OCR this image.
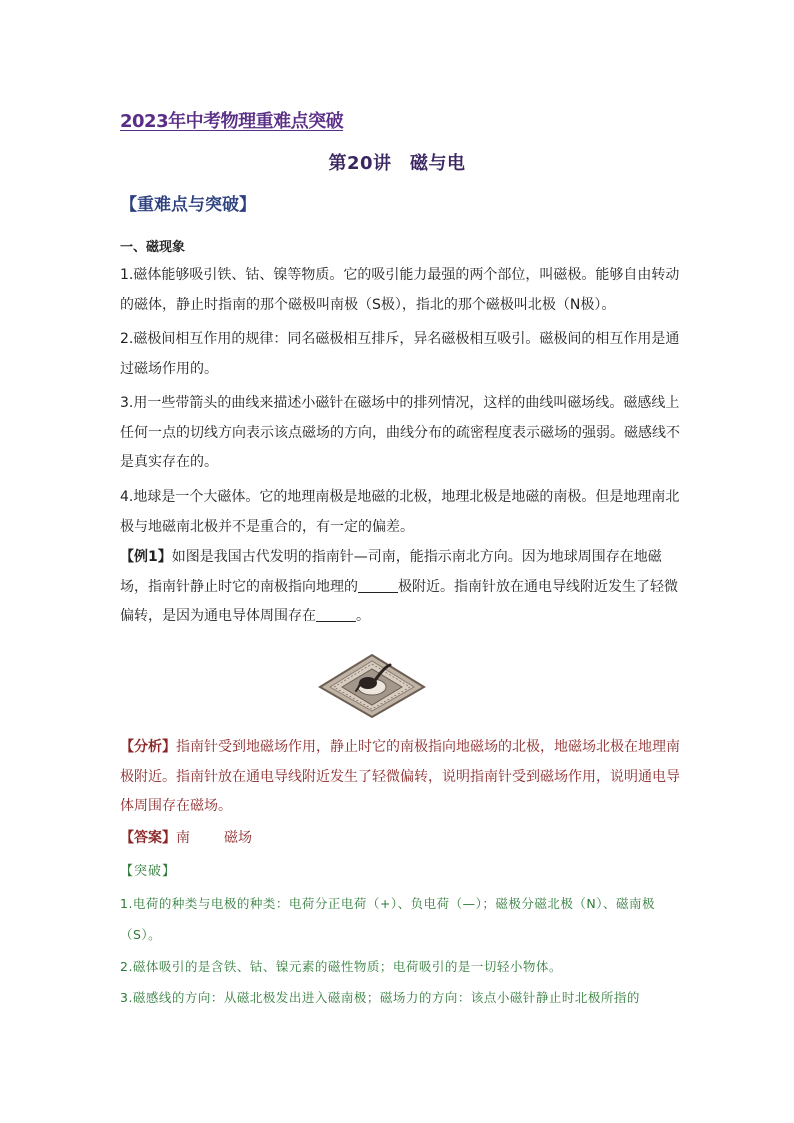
2023年中考物理重难点突破
第20讲　磁与电
【重难点与突破】
一、磁现象
1.磁体能够吸引铁、钴、镍等物质。它的吸引能力最强的两个部位，叫磁极。能够自由转动的磁体，静止时指南的那个磁极叫南极（S极），指北的那个磁极叫北极（N极）。
2.磁极间相互作用的规律：同名磁极相互排斥，异名磁极相互吸引。磁极间的相互作用是通过磁场作用的。
3.用一些带箭头的曲线来描述小磁针在磁场中的排列情况，这样的曲线叫磁场线。磁感线上任何一点的切线方向表示该点磁场的方向，曲线分布的疏密程度表示磁场的强弱。磁感线不是真实存在的。
4.地球是一个大磁体。它的地理南极是地磁的北极，地理北极是地磁的南极。但是地理南北极与地磁南北极并不是重合的，有一定的偏差。
【例1】如图是我国古代发明的指南针—司南，能指示南北方向。因为地球周围存在地磁场，指南针静止时它的南极指向地理的	极附近。指南针放在通电导线附近发生了轻微偏转，是因为通电导体周围存在	。
【分析】指南针受到地磁场作用，静止时它的南极指向地磁场的北极，地磁场北极在地理南极附近。指南针放在通电导线附近发生了轻微偏转，说明指南针受到磁场作用，说明通电导体周围存在磁场。
【答案】南 磁场
【突破】
1.电荷的种类与电极的种类：电荷分正电荷（+）、负电荷（—）；磁极分磁北极（N）、磁南极（S）。
2.磁体吸引的是含铁、钴、镍元素的磁性物质；电荷吸引的是一切轻小物体。
3.磁感线的方向：从磁北极发出进入磁南极；磁场力的方向：该点小磁针静止时北极所指的
